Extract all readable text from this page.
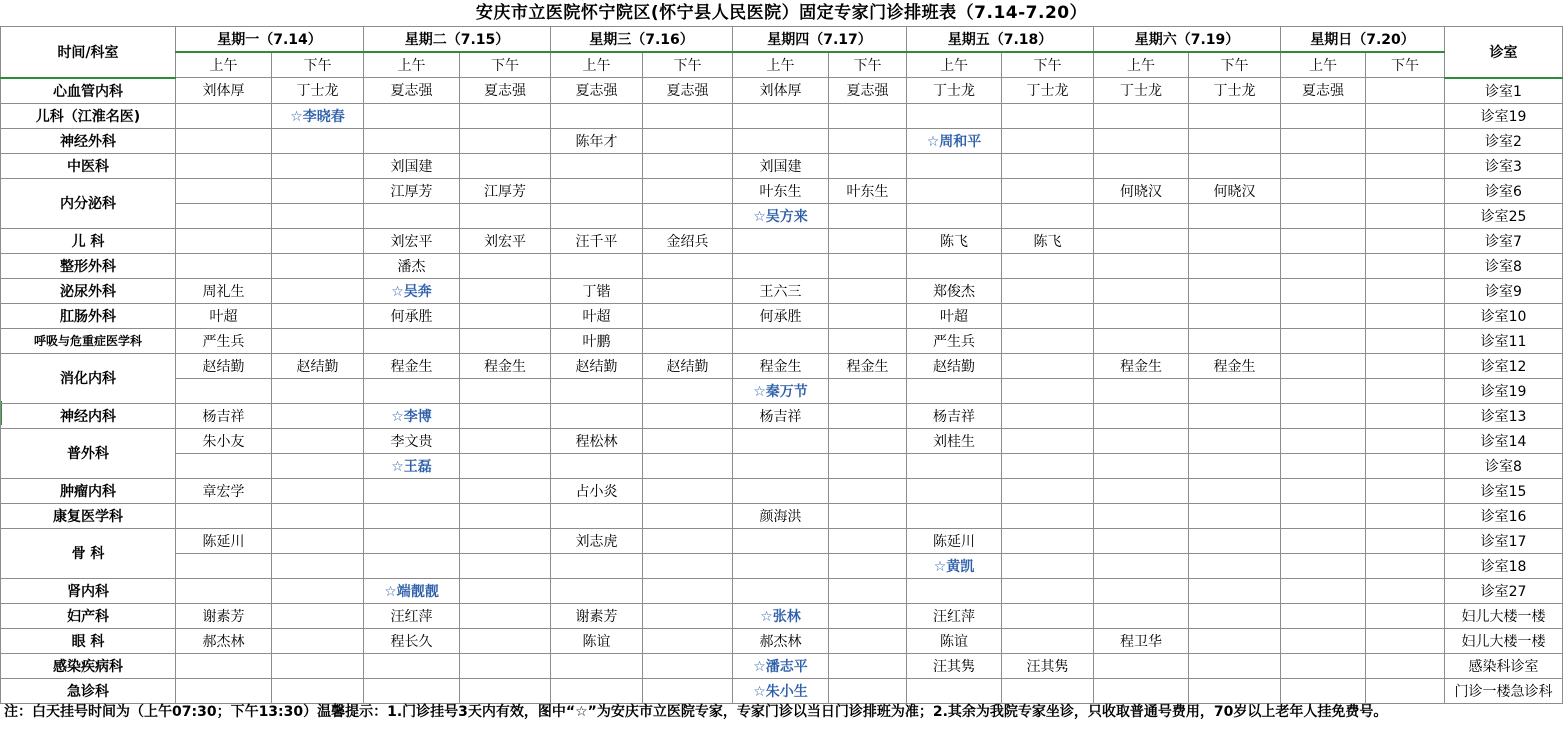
安庆市立医院怀宁院区(怀宁县人民医院）固定专家门诊排班表（7.14-7.20）
时间/科室	星期一（7.14）		星期二（7.15）		星期三（7.16）		星期四（7.17）		星期五（7.18）		星期六（7.19）		星期日（7.20）		诊室
	上午	下午	上午	下午	上午	下午	上午	下午	上午	下午	上午	下午	上午	下午	
心血管内科	刘体厚	丁士龙	夏志强	夏志强	夏志强	夏志强	刘体厚	夏志强	丁士龙	丁士龙	丁士龙	丁士龙	夏志强		诊室1
儿科（江淮名医)		☆李晓春													诊室19
神经外科					陈年才				☆周和平						诊室2
中医科			刘国建				刘国建								诊室3
内分泌科			江厚芳	江厚芳			叶东生	叶东生			何晓汉	何晓汉			诊室6
							☆吴方来								诊室25
儿 科			刘宏平	刘宏平	汪千平	金绍兵			陈飞	陈飞					诊室7
整形外科			潘杰												诊室8
泌尿外科	周礼生		☆吴奔		丁锴		王六三		郑俊杰						诊室9
肛肠外科	叶超		何承胜		叶超		何承胜		叶超						诊室10
呼吸与危重症医学科	严生兵				叶鹏				严生兵						诊室11
消化内科	赵结勤	赵结勤	程金生	程金生	赵结勤	赵结勤	程金生	程金生	赵结勤		程金生	程金生			诊室12
							☆秦万节								诊室19
神经内科	杨吉祥		☆李博				杨吉祥		杨吉祥						诊室13
普外科	朱小友		李文贵		程松林				刘桂生						诊室14
			☆王磊												诊室8
肿瘤内科	章宏学				占小炎										诊室15
康复医学科							颜海洪								诊室16
骨 科	陈延川				刘志虎				陈延川						诊室17
									☆黄凯						诊室18
肾内科			☆端靓靓												诊室27
妇产科	谢素芳		汪红萍		谢素芳		☆张林		汪红萍						妇儿大楼一楼
眼 科	郝杰林		程长久		陈谊		郝杰林		陈谊		程卫华				妇儿大楼一楼
感染疾病科							☆潘志平		汪其隽	汪其隽					感染科诊室
急诊科							☆朱小生								门诊一楼急诊科
注：白天挂号时间为（上午07:30；下午13:30）温馨提示：1.门诊挂号3天内有效，图中“☆”为安庆市立医院专家，专家门诊以当日门诊排班为准；2.其余为我院专家坐诊，只收取普通号费用，70岁以上老年人挂免费号。
